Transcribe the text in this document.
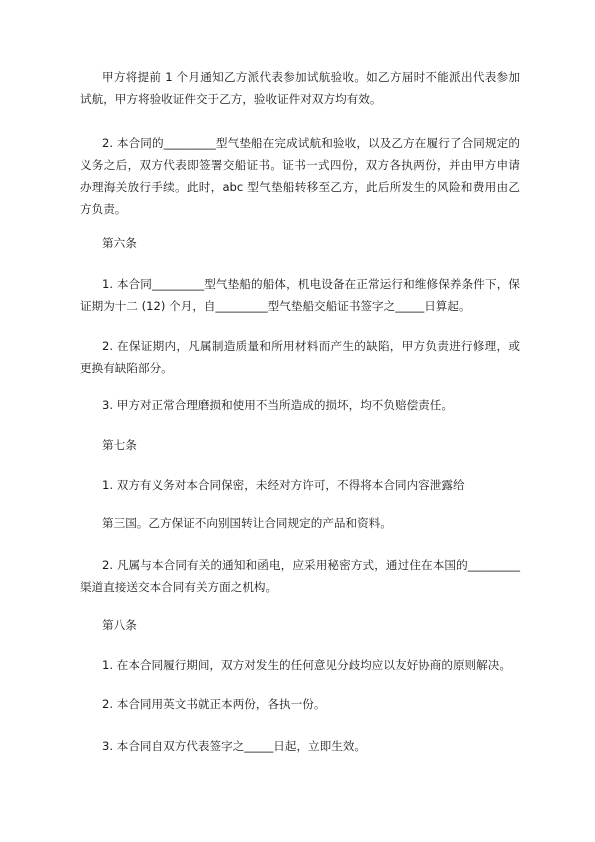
甲方将提前 1 个月通知乙方派代表参加试航验收。如乙方届时不能派出代表参加试航，甲方将验收证件交于乙方，验收证件对双方均有效。

2. 本合同的_________型气垫船在完成试航和验收，以及乙方在履行了合同规定的义务之后，双方代表即签署交船证书。证书一式四份，双方各执两份，并由甲方申请办理海关放行手续。此时，abc 型气垫船转移至乙方，此后所发生的风险和费用由乙方负责。

第六条

1. 本合同_________型气垫船的船体，机电设备在正常运行和维修保养条件下，保证期为十二 (12) 个月，自_________型气垫船交船证书签字之_____日算起。

2. 在保证期内，凡属制造质量和所用材料而产生的缺陷，甲方负责进行修理，或更换有缺陷部分。

3. 甲方对正常合理磨损和使用不当所造成的损坏，均不负赔偿责任。

第七条

1. 双方有义务对本合同保密，未经对方许可，不得将本合同内容泄露给

第三国。乙方保证不向别国转让合同规定的产品和资料。

2. 凡属与本合同有关的通知和函电，应采用秘密方式，通过住在本国的_________渠道直接送交本合同有关方面之机构。

第八条

1. 在本合同履行期间，双方对发生的任何意见分歧均应以友好协商的原则解决。

2. 本合同用英文书就正本两份，各执一份。

3. 本合同自双方代表签字之_____日起，立即生效。
